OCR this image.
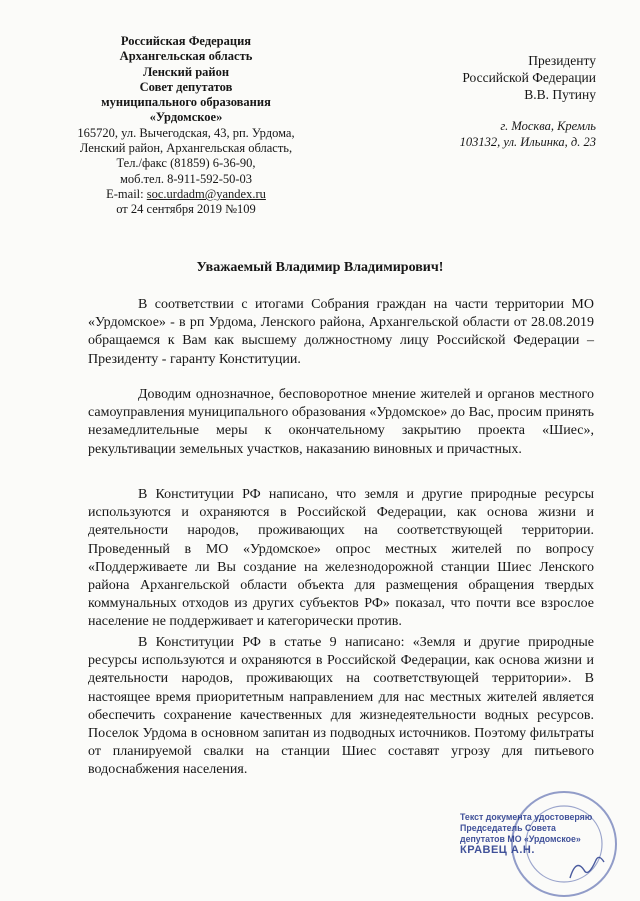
Российская Федерация
Архангельская область
Ленский район
Совет депутатов
муниципального образования
«Урдомское»
165720, ул. Вычегодская, 43, рп. Урдома,
Ленский район, Архангельская область,
Тел./факс (81859) 6-36-90,
моб.тел. 8-911-592-50-03
E-mail: soc.urdadm@yandex.ru
от 24 сентября 2019 №109
Президенту
Российской Федерации
В.В. Путину
г. Москва, Кремль
103132, ул. Ильинка, д. 23
Уважаемый Владимир Владимирович!

В соответствии с итогами Собрания граждан на части территории МО «Урдомское» - в рп Урдома, Ленского района, Архангельской области от 28.08.2019 обращаемся к Вам как высшему должностному лицу Российской Федерации – Президенту - гаранту Конституции.

Доводим однозначное, бесповоротное мнение жителей и органов местного самоуправления муниципального образования «Урдомское» до Вас, просим принять незамедлительные меры к окончательному закрытию проекта «Шиес», рекультивации земельных участков, наказанию виновных и причастных.

В Конституции РФ написано, что земля и другие природные ресурсы используются и охраняются в Российской Федерации, как основа жизни и деятельности народов, проживающих на соответствующей территории. Проведенный в МО «Урдомское» опрос местных жителей по вопросу «Поддерживаете ли Вы создание на железнодорожной станции Шиес Ленского района Архангельской области объекта для размещения обращения твердых коммунальных отходов из других субъектов РФ» показал, что почти все взрослое население не поддерживает и категорически против.

В Конституции РФ в статье 9 написано: «Земля и другие природные ресурсы используются и охраняются в Российской Федерации, как основа жизни и деятельности народов, проживающих на соответствующей территории». В настоящее время приоритетным направлением для нас местных жителей является обеспечить сохранение качественных для жизнедеятельности водных ресурсов. Поселок Урдома в основном запитан из подводных источников. Поэтому фильтраты от планируемой свалки на станции Шиес составят угрозу для питьевого водоснабжения населения.

Текст документа удостоверяю
Председатель Совета
депутатов МО «Урдомское»
КРАВЕЦ А.Н.
